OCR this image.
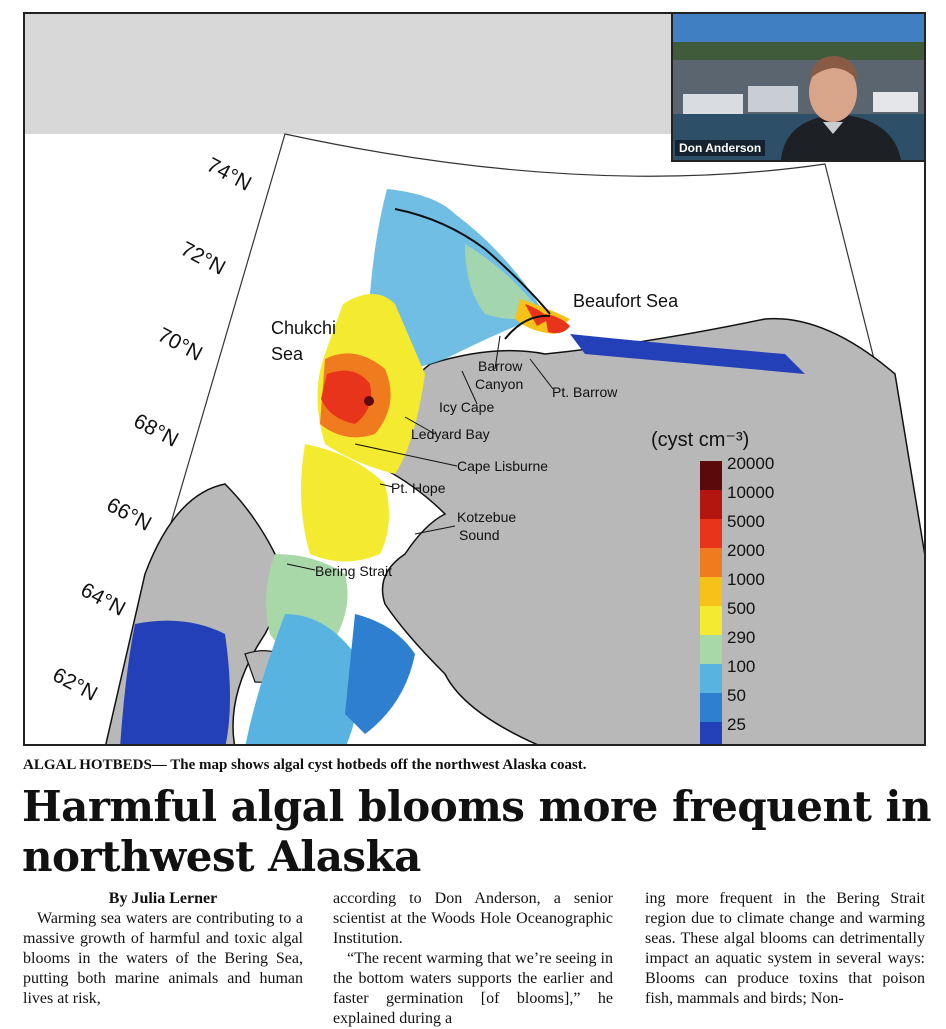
74°N
72°N
70°N
68°N
66°N
64°N
62°N
Chukchi
Sea
Beaufort Sea
Barrow
Canyon Pt. Barrow
Icy Cape
Ledyard Bay
Cape Lisburne
Pt. Hope
Kotzebue
Sound
Bering Strait
(cyst cm⁻³)
20000
10000
5000
2000
1000
500
290
100
50
25
Don Anderson
ALGAL HOTBEDS— The map shows algal cyst hotbeds off the northwest Alaska coast.
Harmful algal blooms more frequent in northwest Alaska
By Julia Lerner

Warming sea waters are contributing to a massive growth of harmful and toxic algal blooms in the waters of the Bering Sea, putting both marine animals and human lives at risk,

according to Don Anderson, a senior scientist at the Woods Hole Oceanographic Institution.

“The recent warming that we’re seeing in the bottom waters supports the earlier and faster germination [of blooms],” he explained during a

ing more frequent in the Bering Strait region due to climate change and warming seas. These algal blooms can detrimentally impact an aquatic system in several ways: Blooms can produce toxins that poison fish, mammals and birds; Non-
